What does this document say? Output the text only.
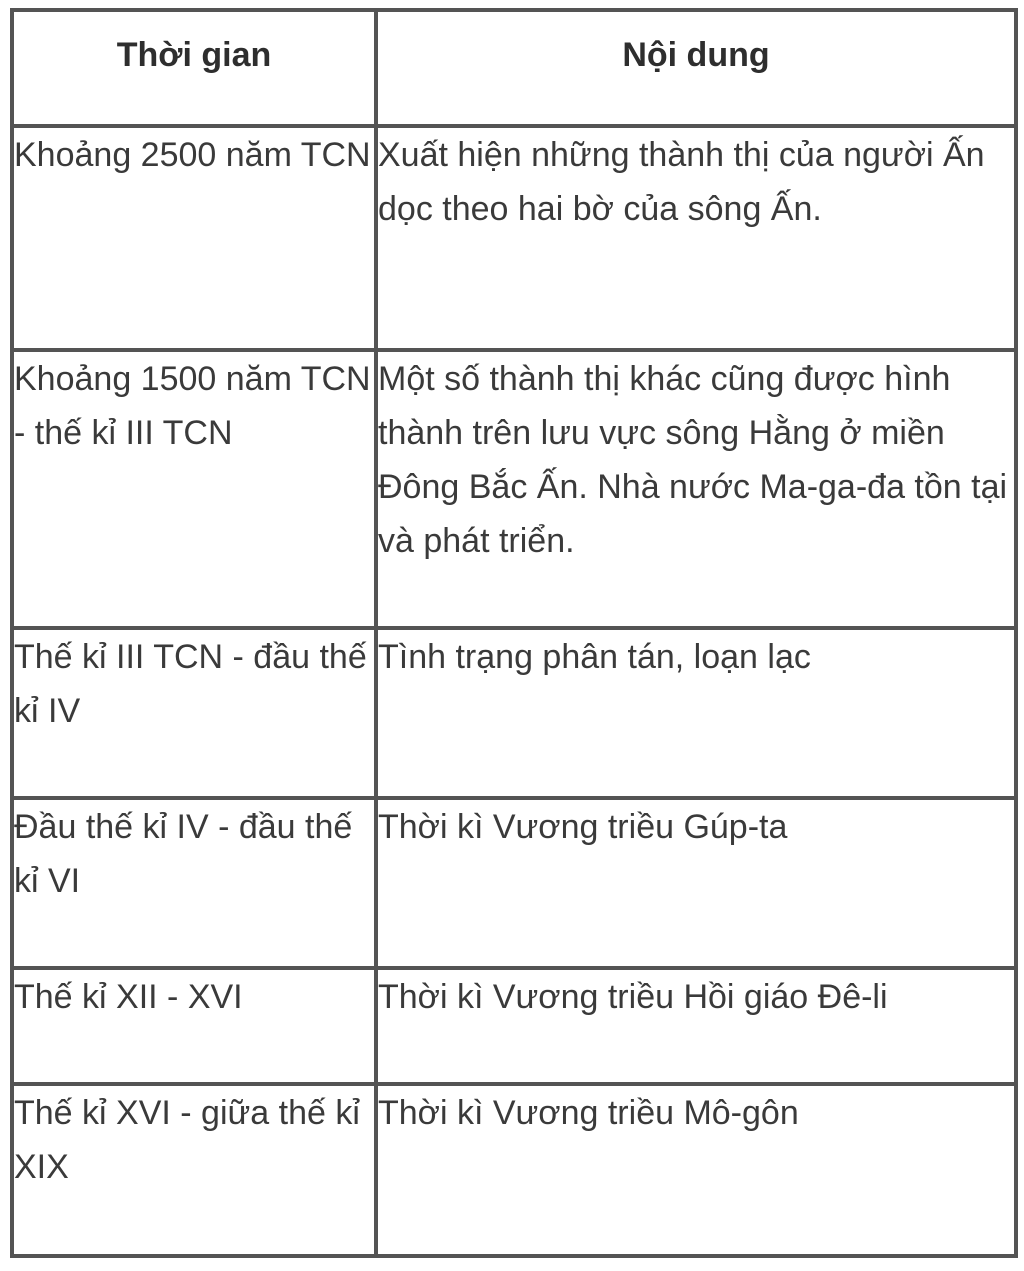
Thời gian	Nội dung
Khoảng 2500 năm TCN	Xuất hiện những thành thị của người Ấn dọc theo hai bờ của sông Ấn.
Khoảng 1500 năm TCN - thế kỉ III TCN	Một số thành thị khác cũng được hình thành trên lưu vực sông Hằng ở miền Đông Bắc Ấn. Nhà nước Ma-ga-đa tồn tại và phát triển.
Thế kỉ III TCN - đầu thế kỉ IV	Tình trạng phân tán, loạn lạc
Đầu thế kỉ IV - đầu thế kỉ VI	Thời kì Vương triều Gúp-ta
Thế kỉ XII - XVI	Thời kì Vương triều Hồi giáo Đê-li
Thế kỉ XVI - giữa thế kỉ XIX	Thời kì Vương triều Mô-gôn
